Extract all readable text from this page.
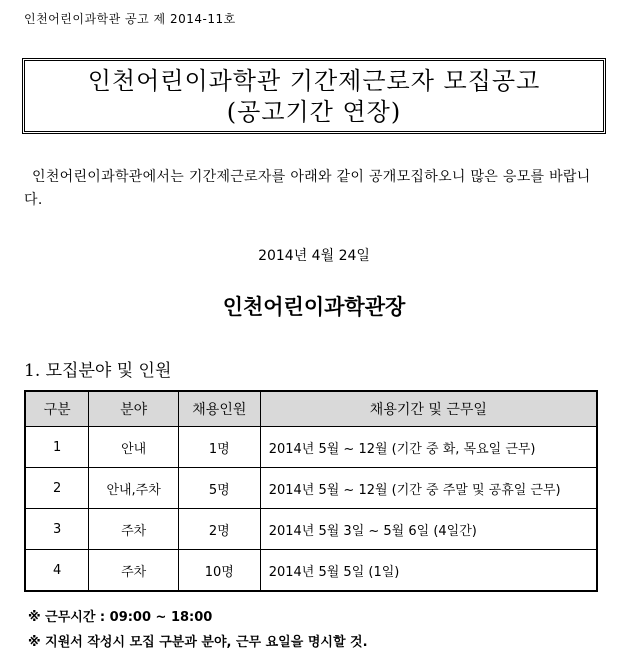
인천어린이과학관 공고 제 2014-11호
인천어린이과학관 기간제근로자 모집공고
(공고기간 연장)
인천어린이과학관에서는 기간제근로자를 아래와 같이 공개모집하오니 많은 응모를 바랍니다.
2014년 4월 24일
인천어린이과학관장
1. 모집분야 및 인원
구분	분야	채용인원	채용기간 및 근무일
1	안내	1명	2014년 5월 ~ 12월 (기간 중 화, 목요일 근무)
2	안내,주차	5명	2014년 5월 ~ 12월 (기간 중 주말 및 공휴일 근무)
3	주차	2명	2014년 5월 3일 ~ 5월 6일 (4일간)
4	주차	10명	2014년 5월 5일 (1일)
※ 근무시간 : 09:00 ~ 18:00
※ 지원서 작성시 모집 구분과 분야, 근무 요일을 명시할 것.
